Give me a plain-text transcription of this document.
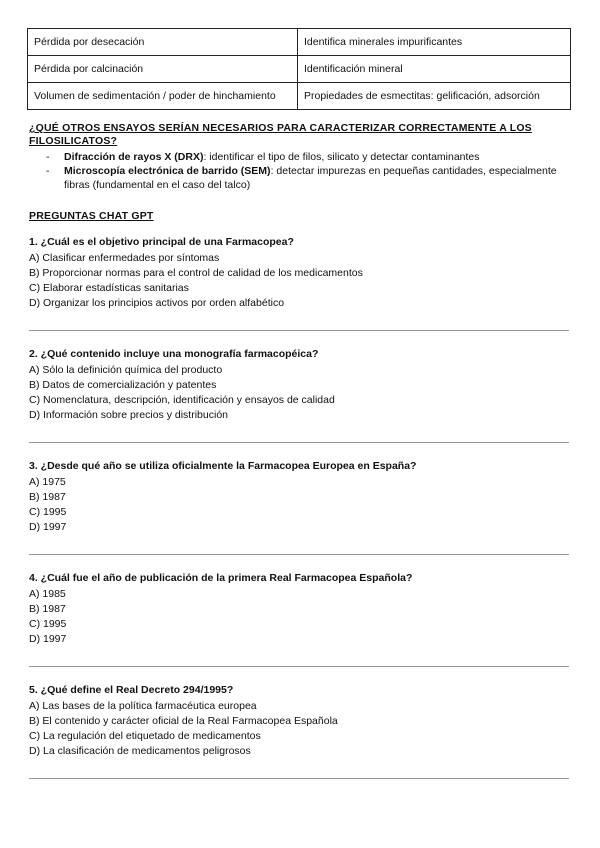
Pérdida por desecación	Identifica minerales impurificantes
Pérdida por calcinación	Identificación mineral
Volumen de sedimentación / poder de hinchamiento	Propiedades de esmectitas: gelificación, adsorción
¿QUÉ OTROS ENSAYOS SERÍAN NECESARIOS PARA CARACTERIZAR CORRECTAMENTE A LOS
FILOSILICATOS?
- Difracción de rayos X (DRX): identificar el tipo de filos, silicato y detectar contaminantes
- Microscopía electrónica de barrido (SEM): detectar impurezas en pequeñas cantidades, especialmente fibras (fundamental en el caso del talco)
PREGUNTAS CHAT GPT
1. ¿Cuál es el objetivo principal de una Farmacopea?
A) Clasificar enfermedades por síntomas
B) Proporcionar normas para el control de calidad de los medicamentos
C) Elaborar estadísticas sanitarias
D) Organizar los principios activos por orden alfabético
2. ¿Qué contenido incluye una monografía farmacopéica?
A) Sólo la definición química del producto
B) Datos de comercialización y patentes
C) Nomenclatura, descripción, identificación y ensayos de calidad
D) Información sobre precios y distribución
3. ¿Desde qué año se utiliza oficialmente la Farmacopea Europea en España?
A) 1975
B) 1987
C) 1995
D) 1997
4. ¿Cuál fue el año de publicación de la primera Real Farmacopea Española?
A) 1985
B) 1987
C) 1995
D) 1997
5. ¿Qué define el Real Decreto 294/1995?
A) Las bases de la política farmacéutica europea
B) El contenido y carácter oficial de la Real Farmacopea Española
C) La regulación del etiquetado de medicamentos
D) La clasificación de medicamentos peligrosos
